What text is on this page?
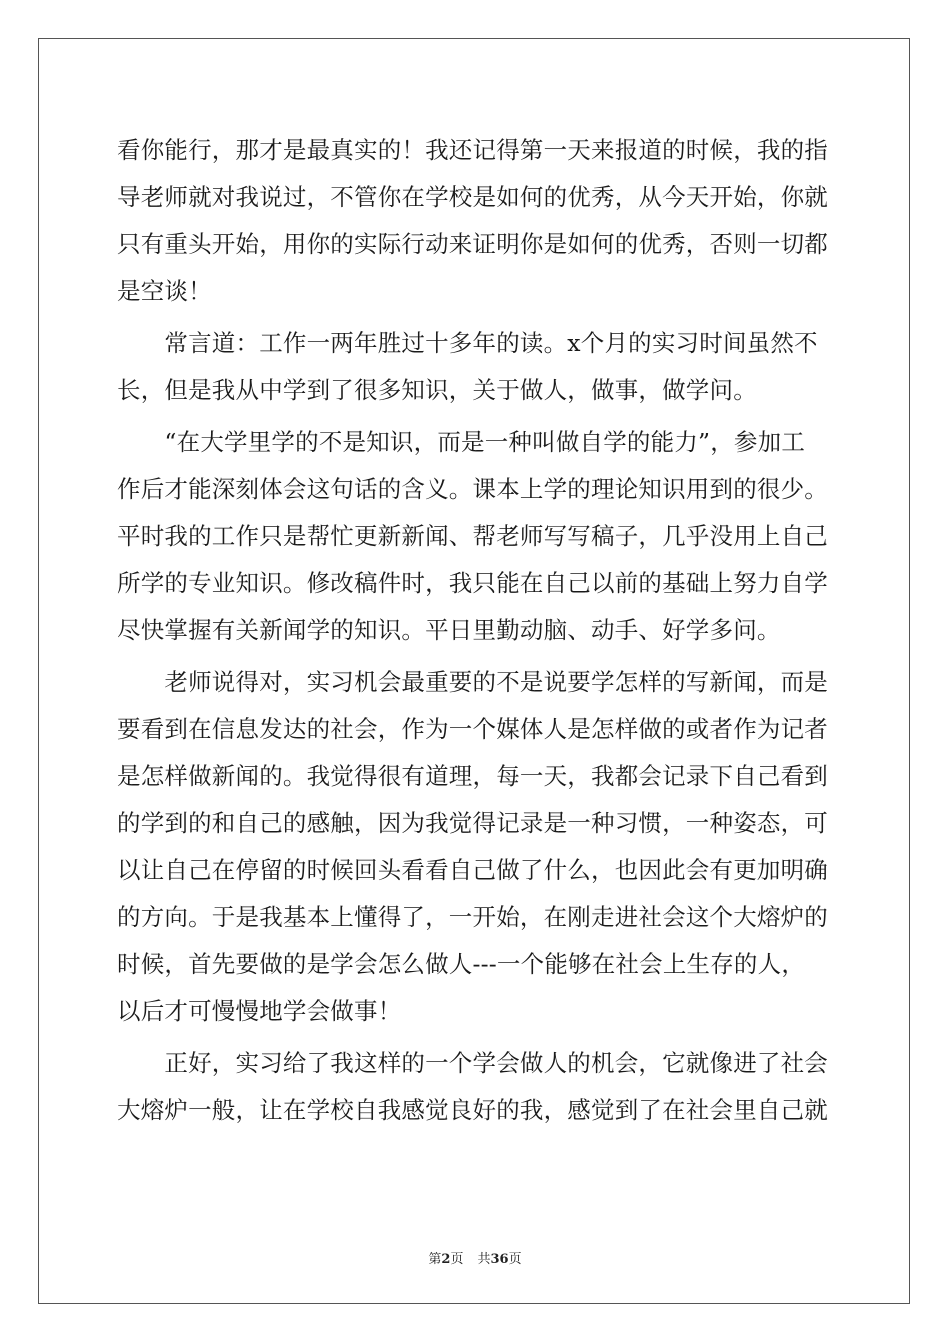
看你能行，那才是最真实的！我还记得第一天来报道的时候，我的指
导老师就对我说过，不管你在学校是如何的优秀，从今天开始，你就
只有重头开始，用你的实际行动来证明你是如何的优秀，否则一切都
是空谈！
　　常言道：工作一两年胜过十多年的读。x个月的实习时间虽然不
长，但是我从中学到了很多知识，关于做人，做事，做学问。
　　“在大学里学的不是知识，而是一种叫做自学的能力”，参加工
作后才能深刻体会这句话的含义。课本上学的理论知识用到的很少。
平时我的工作只是帮忙更新新闻、帮老师写写稿子，几乎没用上自己
所学的专业知识。修改稿件时，我只能在自己以前的基础上努力自学
尽快掌握有关新闻学的知识。平日里勤动脑、动手、好学多问。
　　老师说得对，实习机会最重要的不是说要学怎样的写新闻，而是
要看到在信息发达的社会，作为一个媒体人是怎样做的或者作为记者
是怎样做新闻的。我觉得很有道理，每一天，我都会记录下自己看到
的学到的和自己的感触，因为我觉得记录是一种习惯，一种姿态，可
以让自己在停留的时候回头看看自己做了什么，也因此会有更加明确
的方向。于是我基本上懂得了，一开始，在刚走进社会这个大熔炉的
时候，首先要做的是学会怎么做人---一个能够在社会上生存的人，
以后才可慢慢地学会做事！
　　正好，实习给了我这样的一个学会做人的机会，它就像进了社会
大熔炉一般，让在学校自我感觉良好的我，感觉到了在社会里自己就
第2页 共36页
